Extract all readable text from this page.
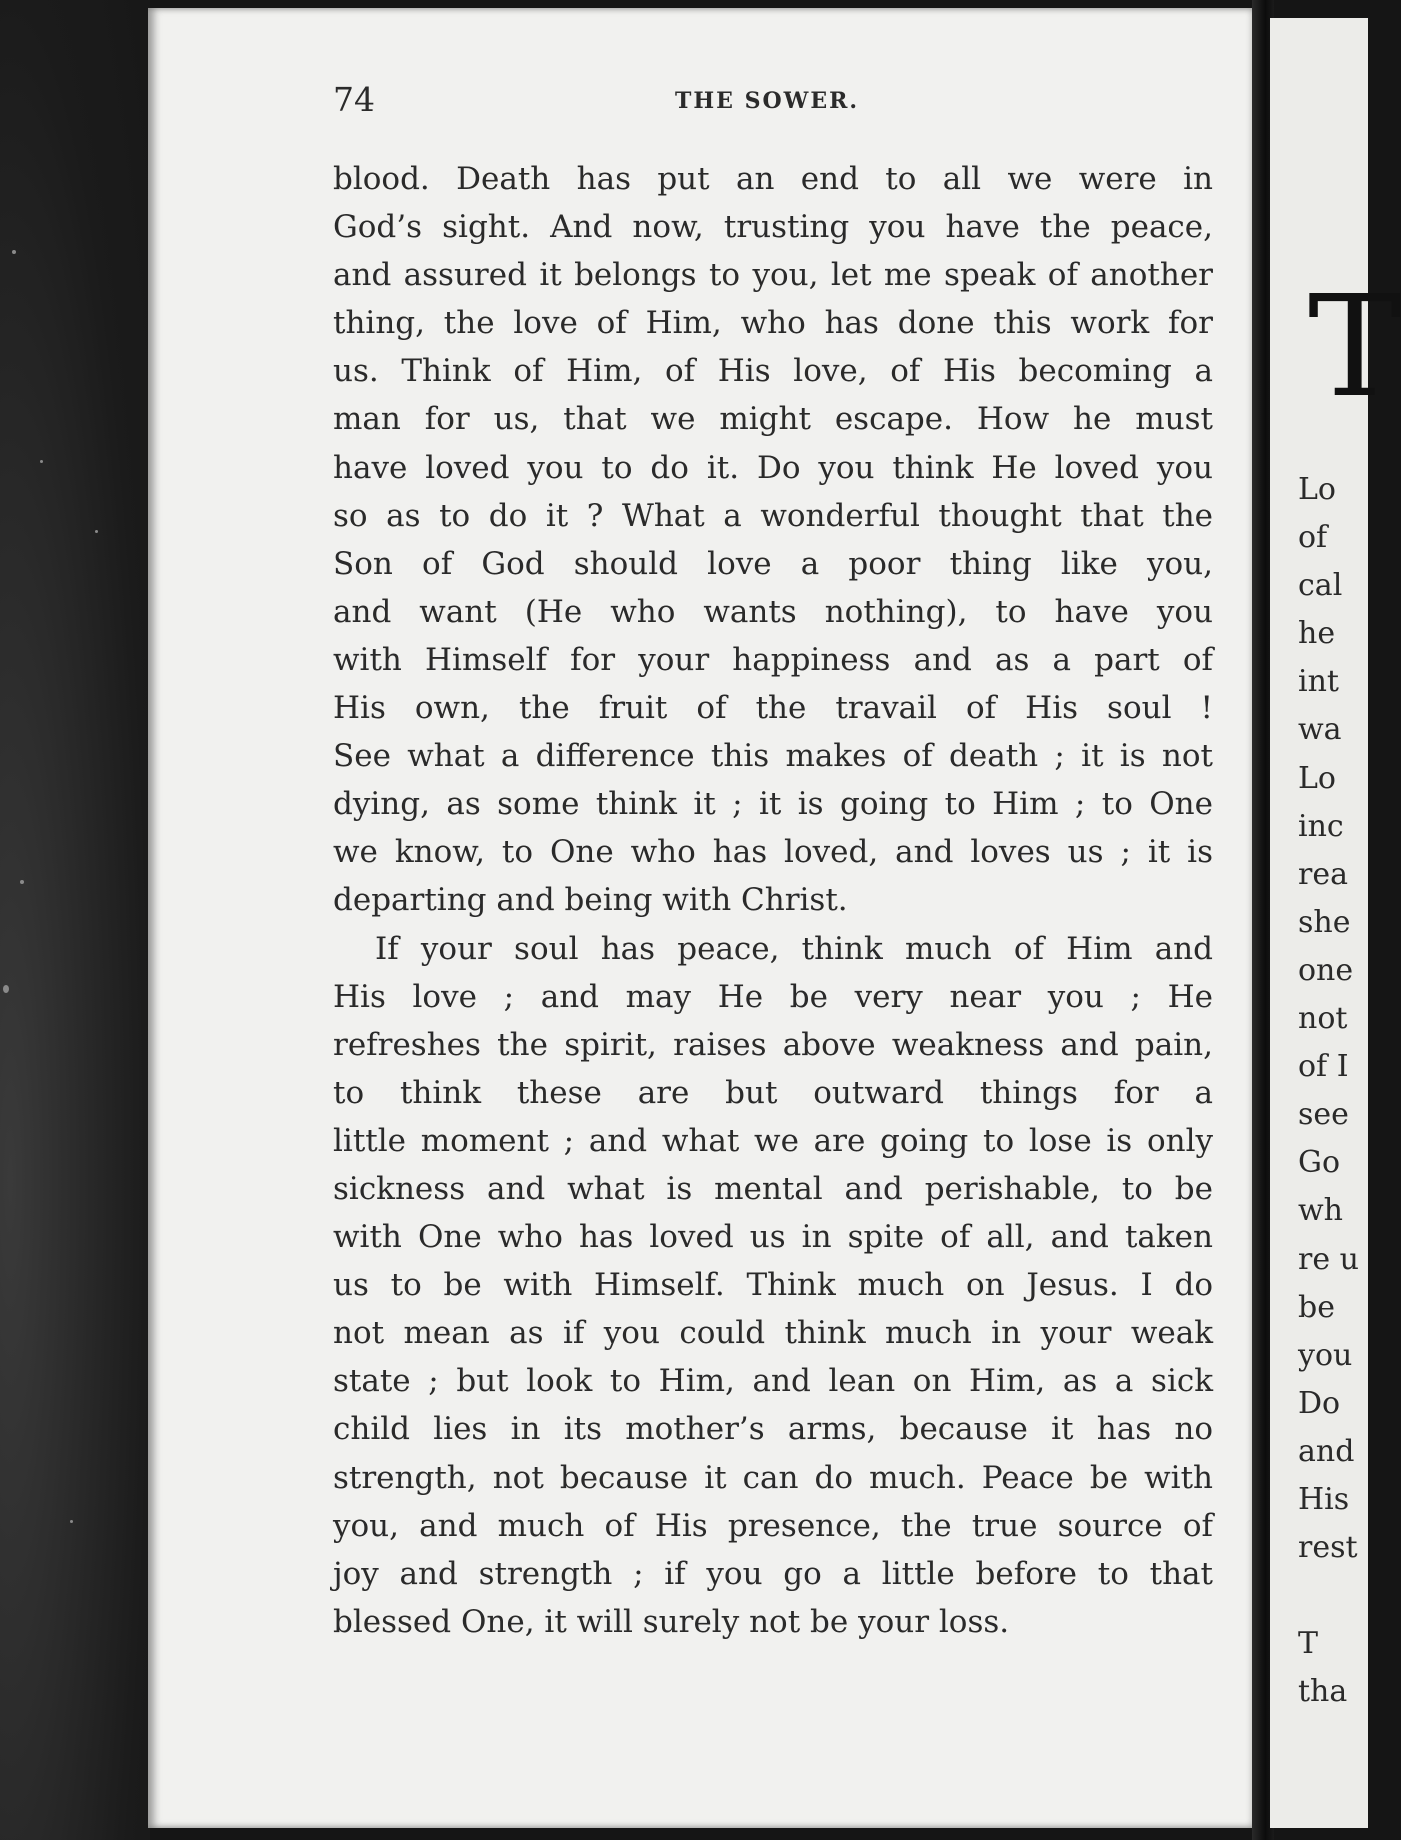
74	THE SOWER.
blood. Death has put an end to all we were in
God’s sight. And now, trusting you have the peace,
and assured it belongs to you, let me speak of another
thing, the love of Him, who has done this work for
us. Think of Him, of His love, of His becoming a
man for us, that we might escape. How he must
have loved you to do it. Do you think He loved you
so as to do it ? What a wonderful thought that the
Son of God should love a poor thing like you,
and want (He who wants nothing), to have you
with Himself for your happiness and as a part of
His own, the fruit of the travail of His soul !
See what a difference this makes of death ; it is not
dying, as some think it ; it is going to Him ; to One
we know, to One who has loved, and loves us ; it is
departing and being with Christ.
If your soul has peace, think much of Him and
His love ; and may He be very near you ; He
refreshes the spirit, raises above weakness and pain,
to think these are but outward things for a
little moment ; and what we are going to lose is only
sickness and what is mental and perishable, to be
with One who has loved us in spite of all, and taken
us to be with Himself. Think much on Jesus. I do
not mean as if you could think much in your weak
state ; but look to Him, and lean on Him, as a sick
child lies in its mother’s arms, because it has no
strength, not because it can do much. Peace be with
you, and much of His presence, the true source of
joy and strength ; if you go a little before to that
blessed One, it will surely not be your loss.
T
Lo
of
cal
he
int
wa
Lo
inc
rea
she
one
not
of I
see
Go
wh
re u
be
you
Do
and
His
rest
T
tha
